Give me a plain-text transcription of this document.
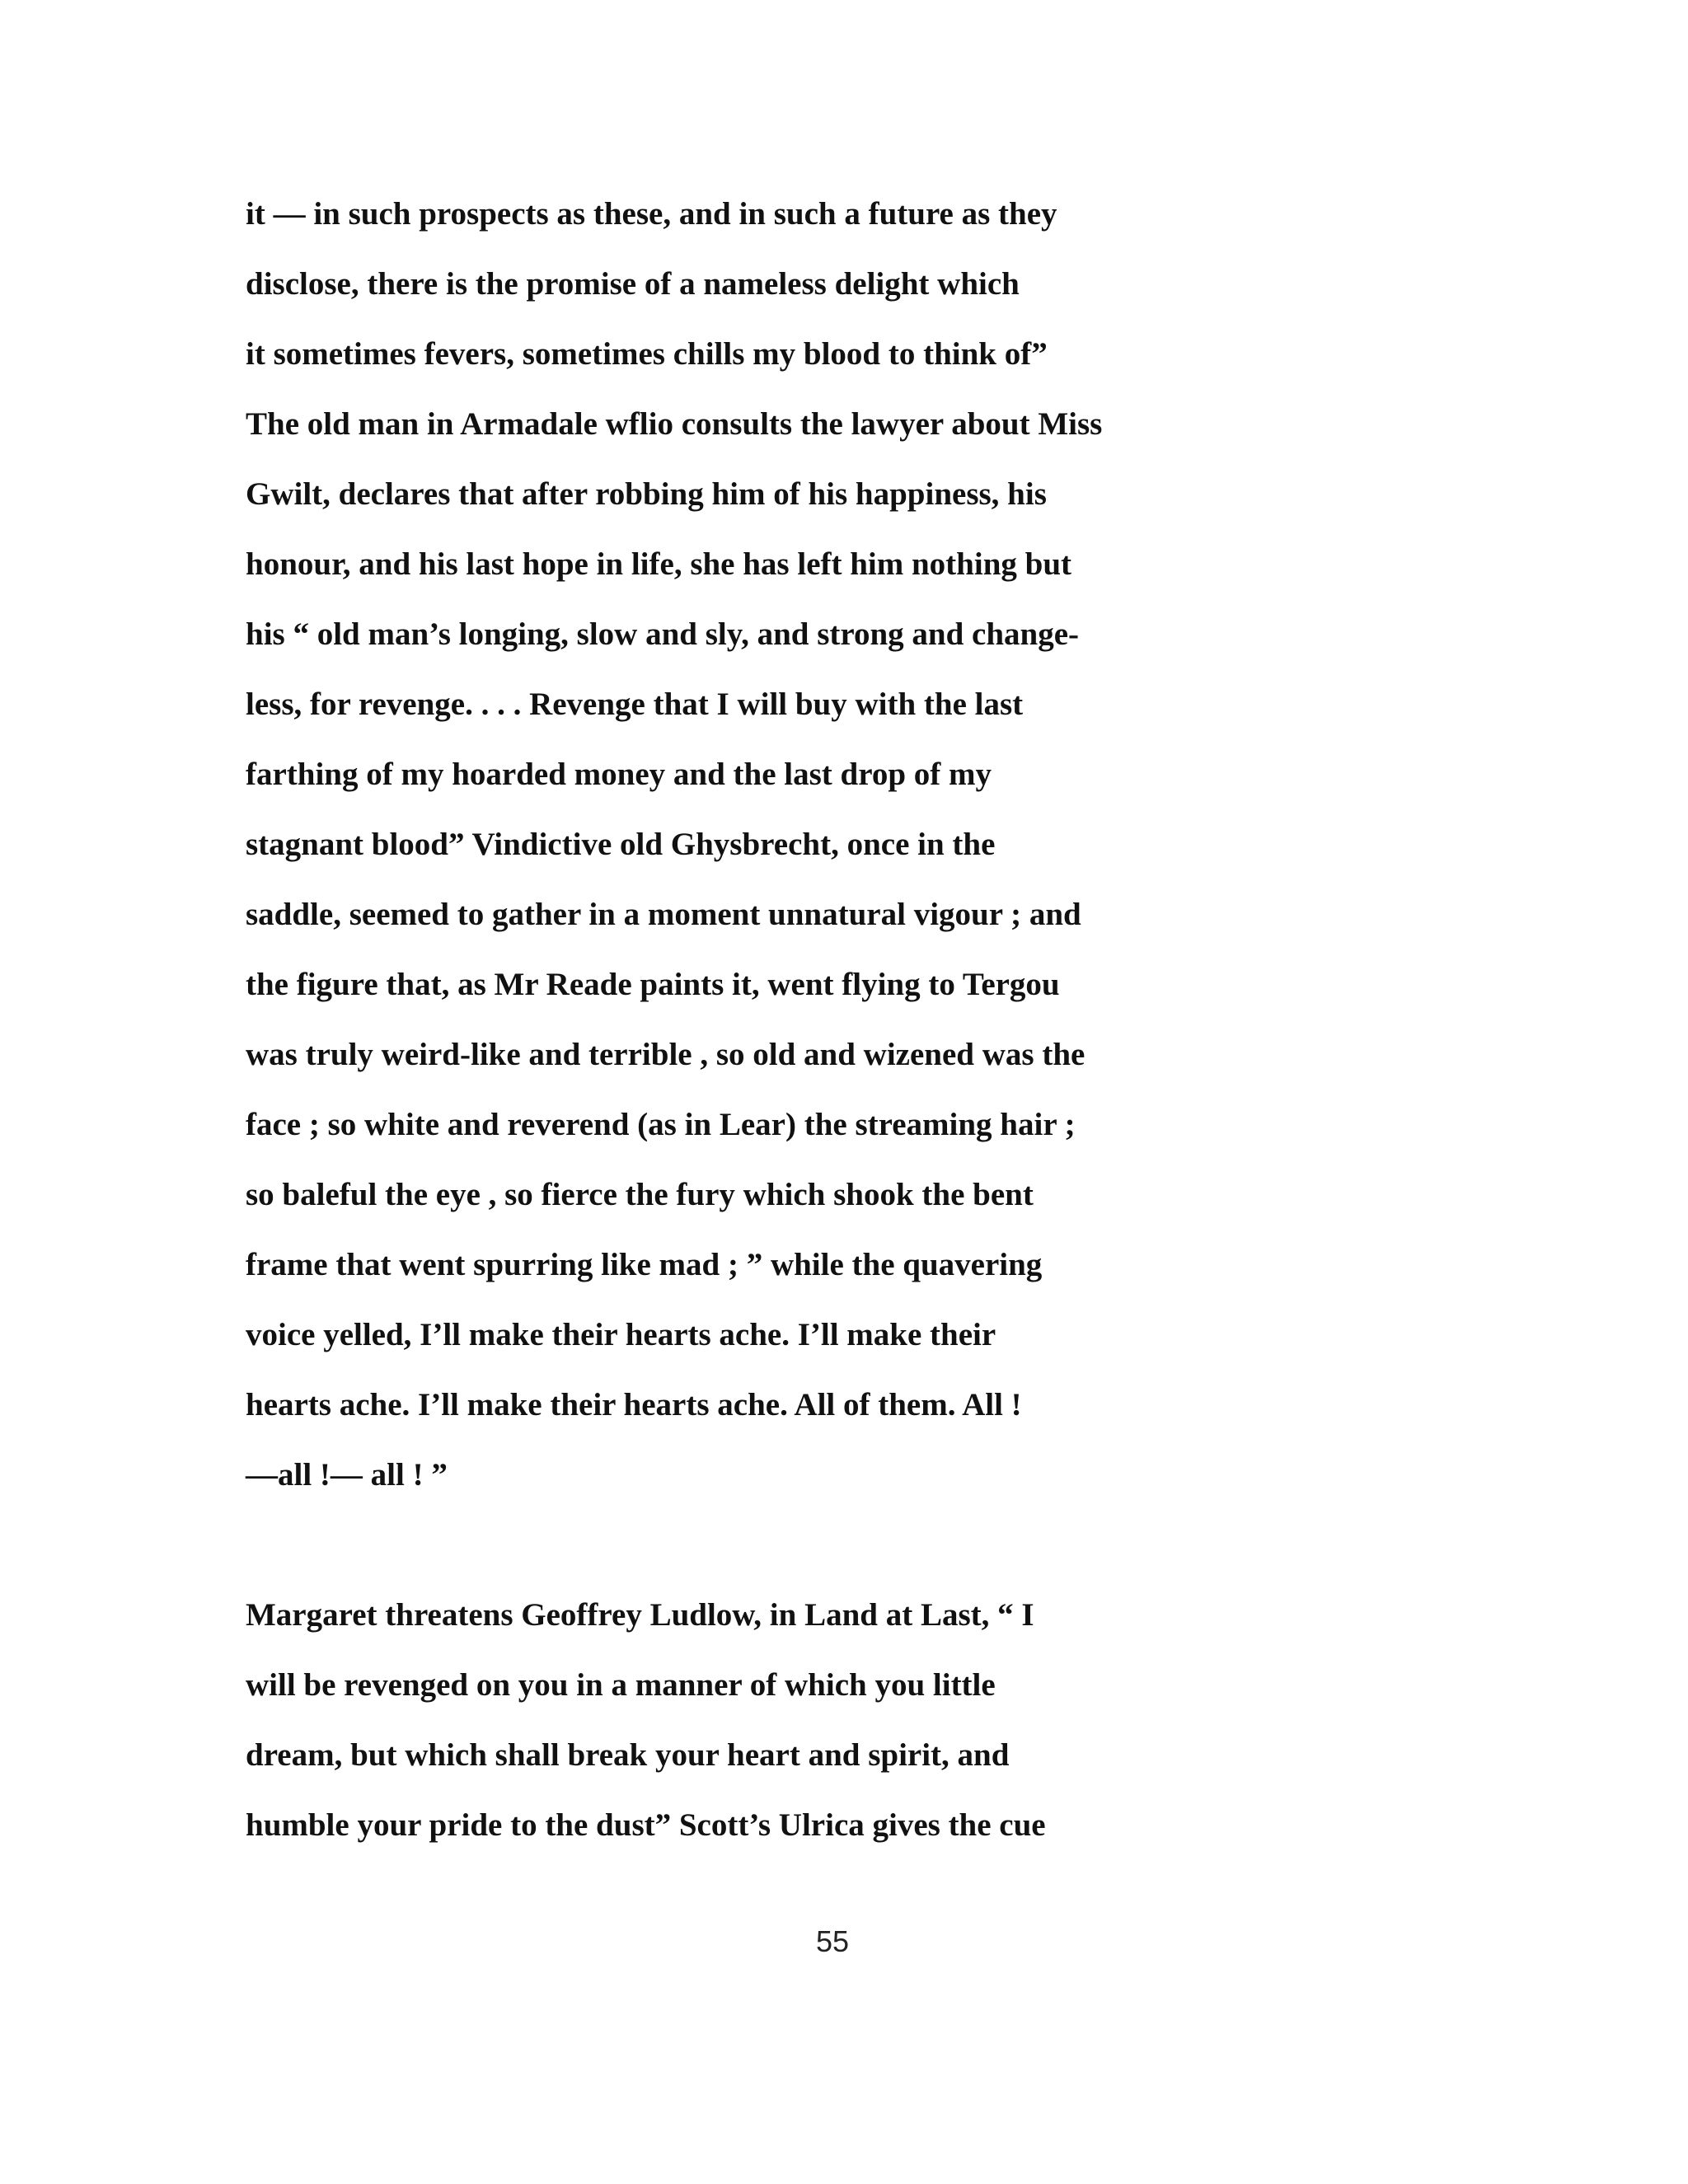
it — in such prospects as these, and in such a future as they
disclose, there is the promise of a nameless delight which
it sometimes fevers, sometimes chills my blood to think of”
The old man in Armadale wflio consults the lawyer about Miss
Gwilt, declares that after robbing him of his happiness, his
honour, and his last hope in life, she has left him nothing but
his “ old man’s longing, slow and sly, and strong and change-
less, for revenge. . . . Revenge that I will buy with the last
farthing of my hoarded money and the last drop of my
stagnant blood” Vindictive old Ghysbrecht, once in the
saddle, seemed to gather in a moment unnatural vigour ; and
the figure that, as Mr Reade paints it, went flying to Tergou
was truly weird-like and terrible , so old and wizened was the
face ; so white and reverend (as in Lear) the streaming hair ;
so baleful the eye , so fierce the fury which shook the bent
frame that went spurring like mad ; ” while the quavering
voice yelled, I’ll make their hearts ache. I’ll make their
hearts ache. I’ll make their hearts ache. All of them. All !
—all !— all ! ”
Margaret threatens Geoffrey Ludlow, in Land at Last, “ I
will be revenged on you in a manner of which you little
dream, but which shall break your heart and spirit, and
humble your pride to the dust” Scott’s Ulrica gives the cue
55
